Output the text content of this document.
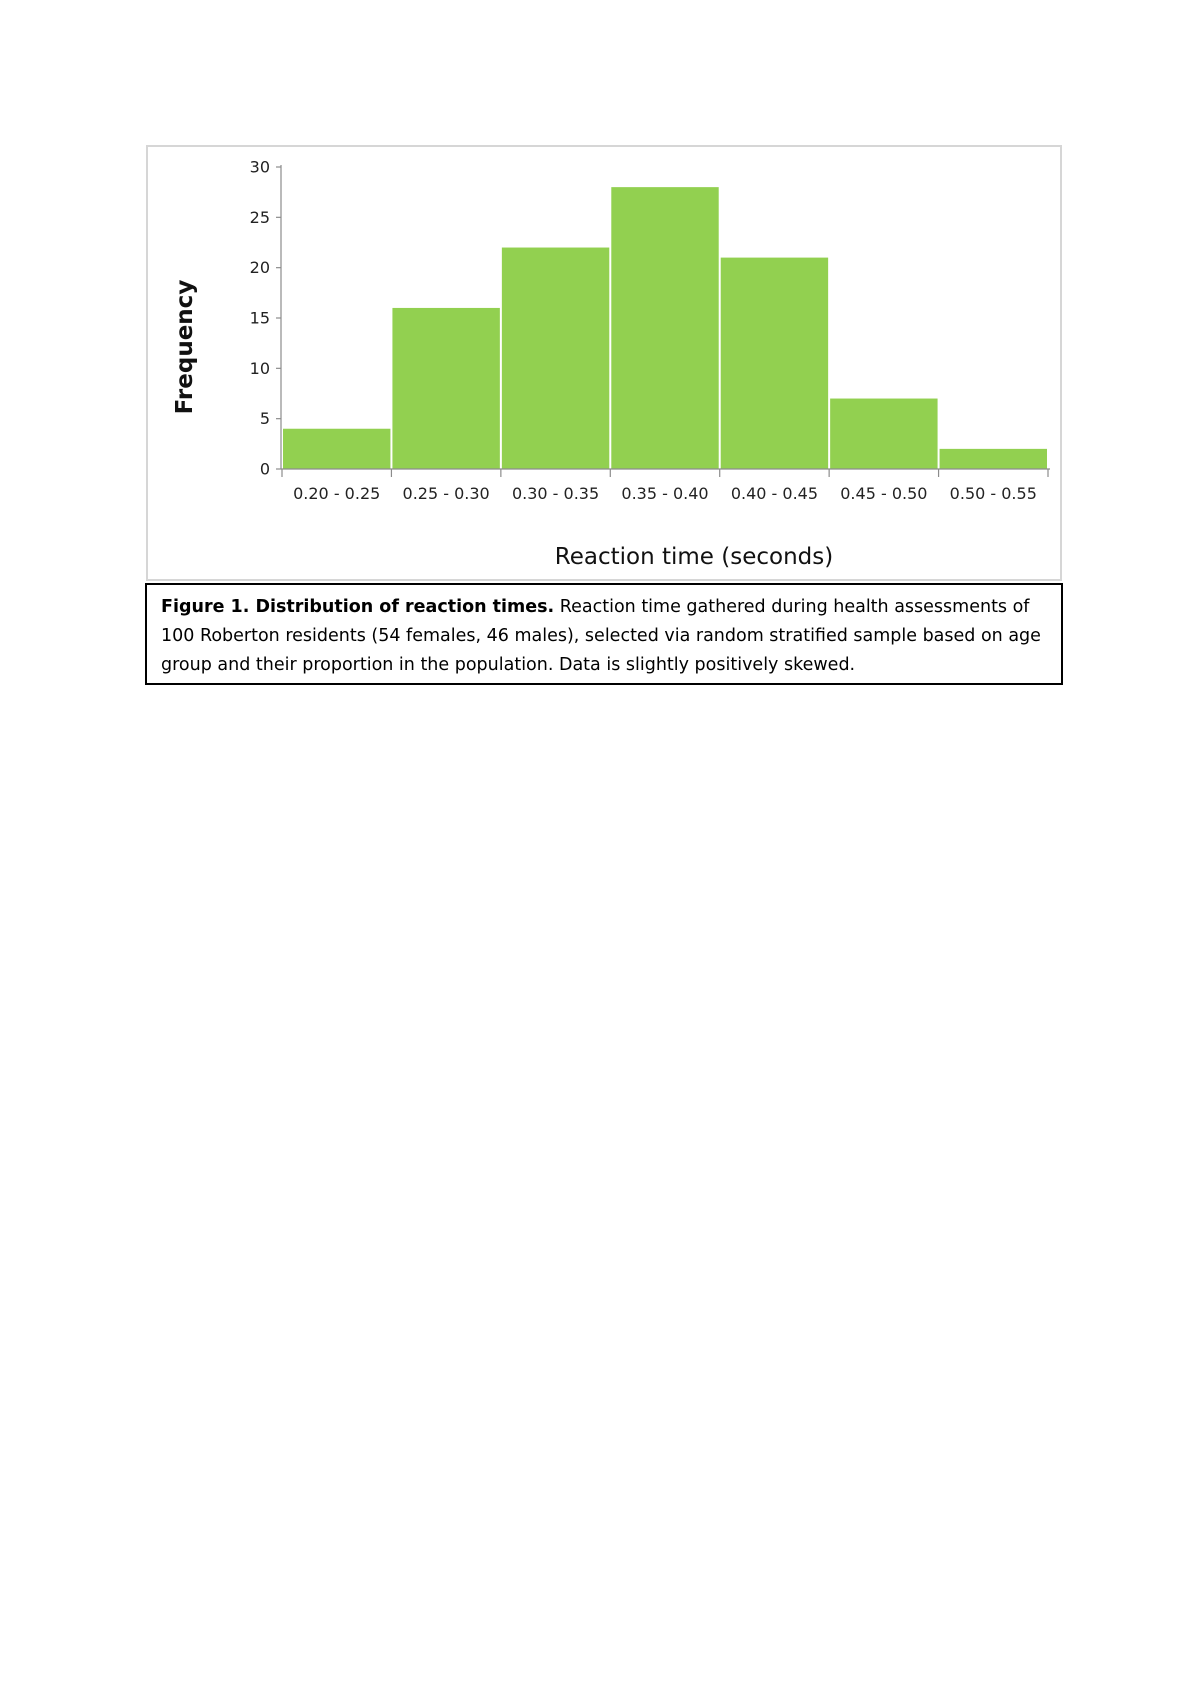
0
5
10
15
20
25
30
0.20 - 0.25 0.25 - 0.30 0.30 - 0.35 0.35 - 0.40 0.40 - 0.45 0.45 - 0.50 0.50 - 0.55
Reaction time (seconds)
Frequency
Figure 1. Distribution of reaction times. Reaction time gathered during health assessments of 100 Roberton residents (54 females, 46 males), selected via random stratified sample based on age group and their proportion in the population. Data is slightly positively skewed.
